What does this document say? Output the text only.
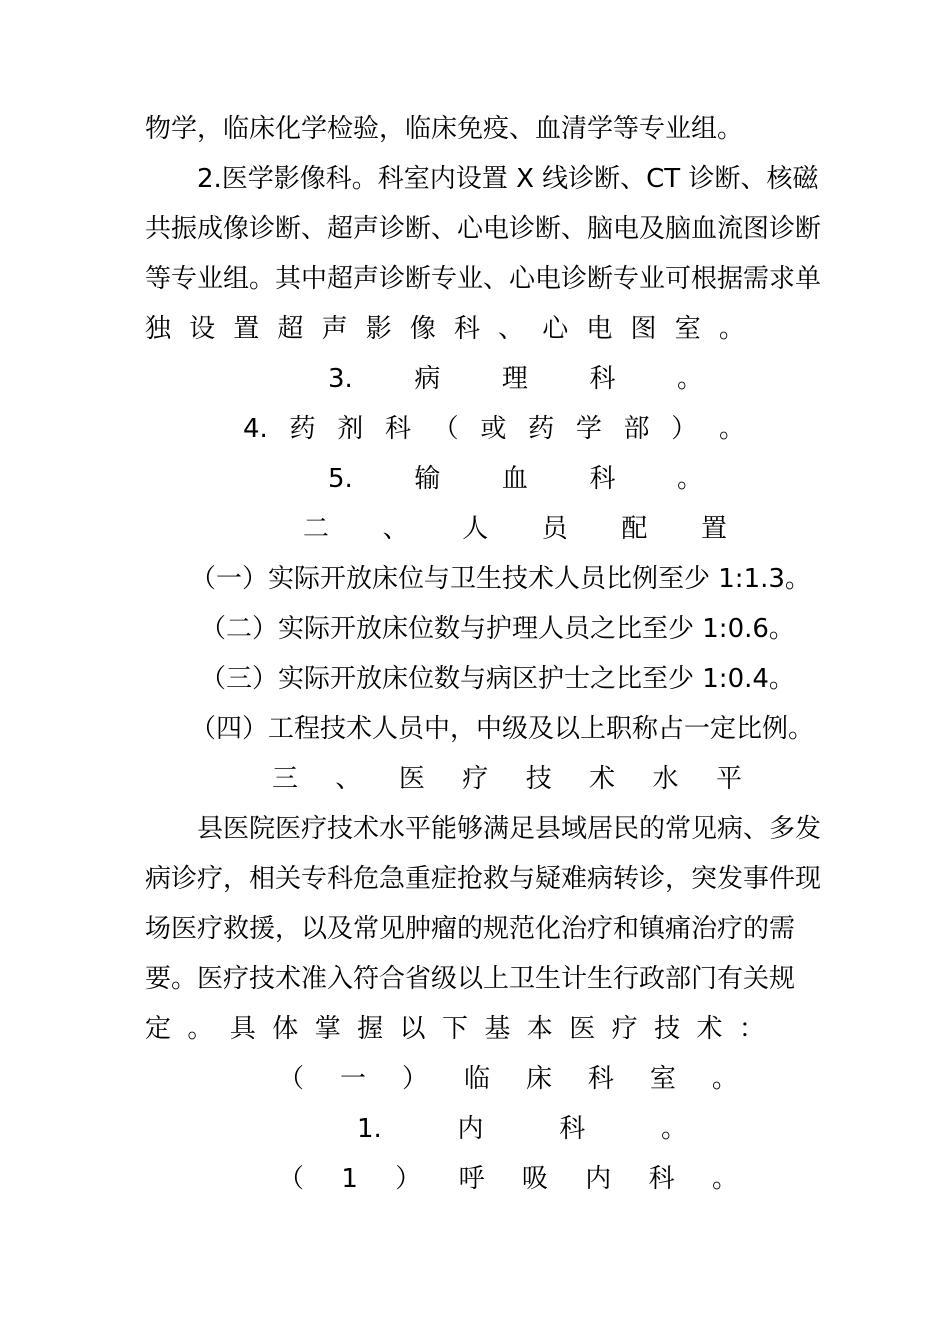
物学，临床化学检验，临床免疫、血清学等专业组。
2.医学影像科。科室内设置 X 线诊断、CT 诊断、核磁
共振成像诊断、超声诊断、心电诊断、脑电及脑血流图诊断
等专业组。其中超声诊断专业、心电诊断专业可根据需求单
独 设 置 超 声 影 像 科 、 心 电 图 室 。
3. 病 理 科 。
4. 药 剂 科 （ 或 药 学 部 ） 。
5. 输 血 科 。
二 、 人 员 配 置
（一）实际开放床位与卫生技术人员比例至少 1:1.3。
（二）实际开放床位数与护理人员之比至少 1:0.6。
（三）实际开放床位数与病区护士之比至少 1:0.4。
（四）工程技术人员中，中级及以上职称占一定比例。
三 、 医 疗 技 术 水 平
县医院医疗技术水平能够满足县域居民的常见病、多发
病诊疗，相关专科危急重症抢救与疑难病转诊，突发事件现
场医疗救援，以及常见肿瘤的规范化治疗和镇痛治疗的需
要。医疗技术准入符合省级以上卫生计生行政部门有关规
定 。 具 体 掌 握 以 下 基 本 医 疗 技 术 ：
（ 一 ） 临 床 科 室 。
1.	内	科	。
（ 1 ） 呼 吸 内 科 。
